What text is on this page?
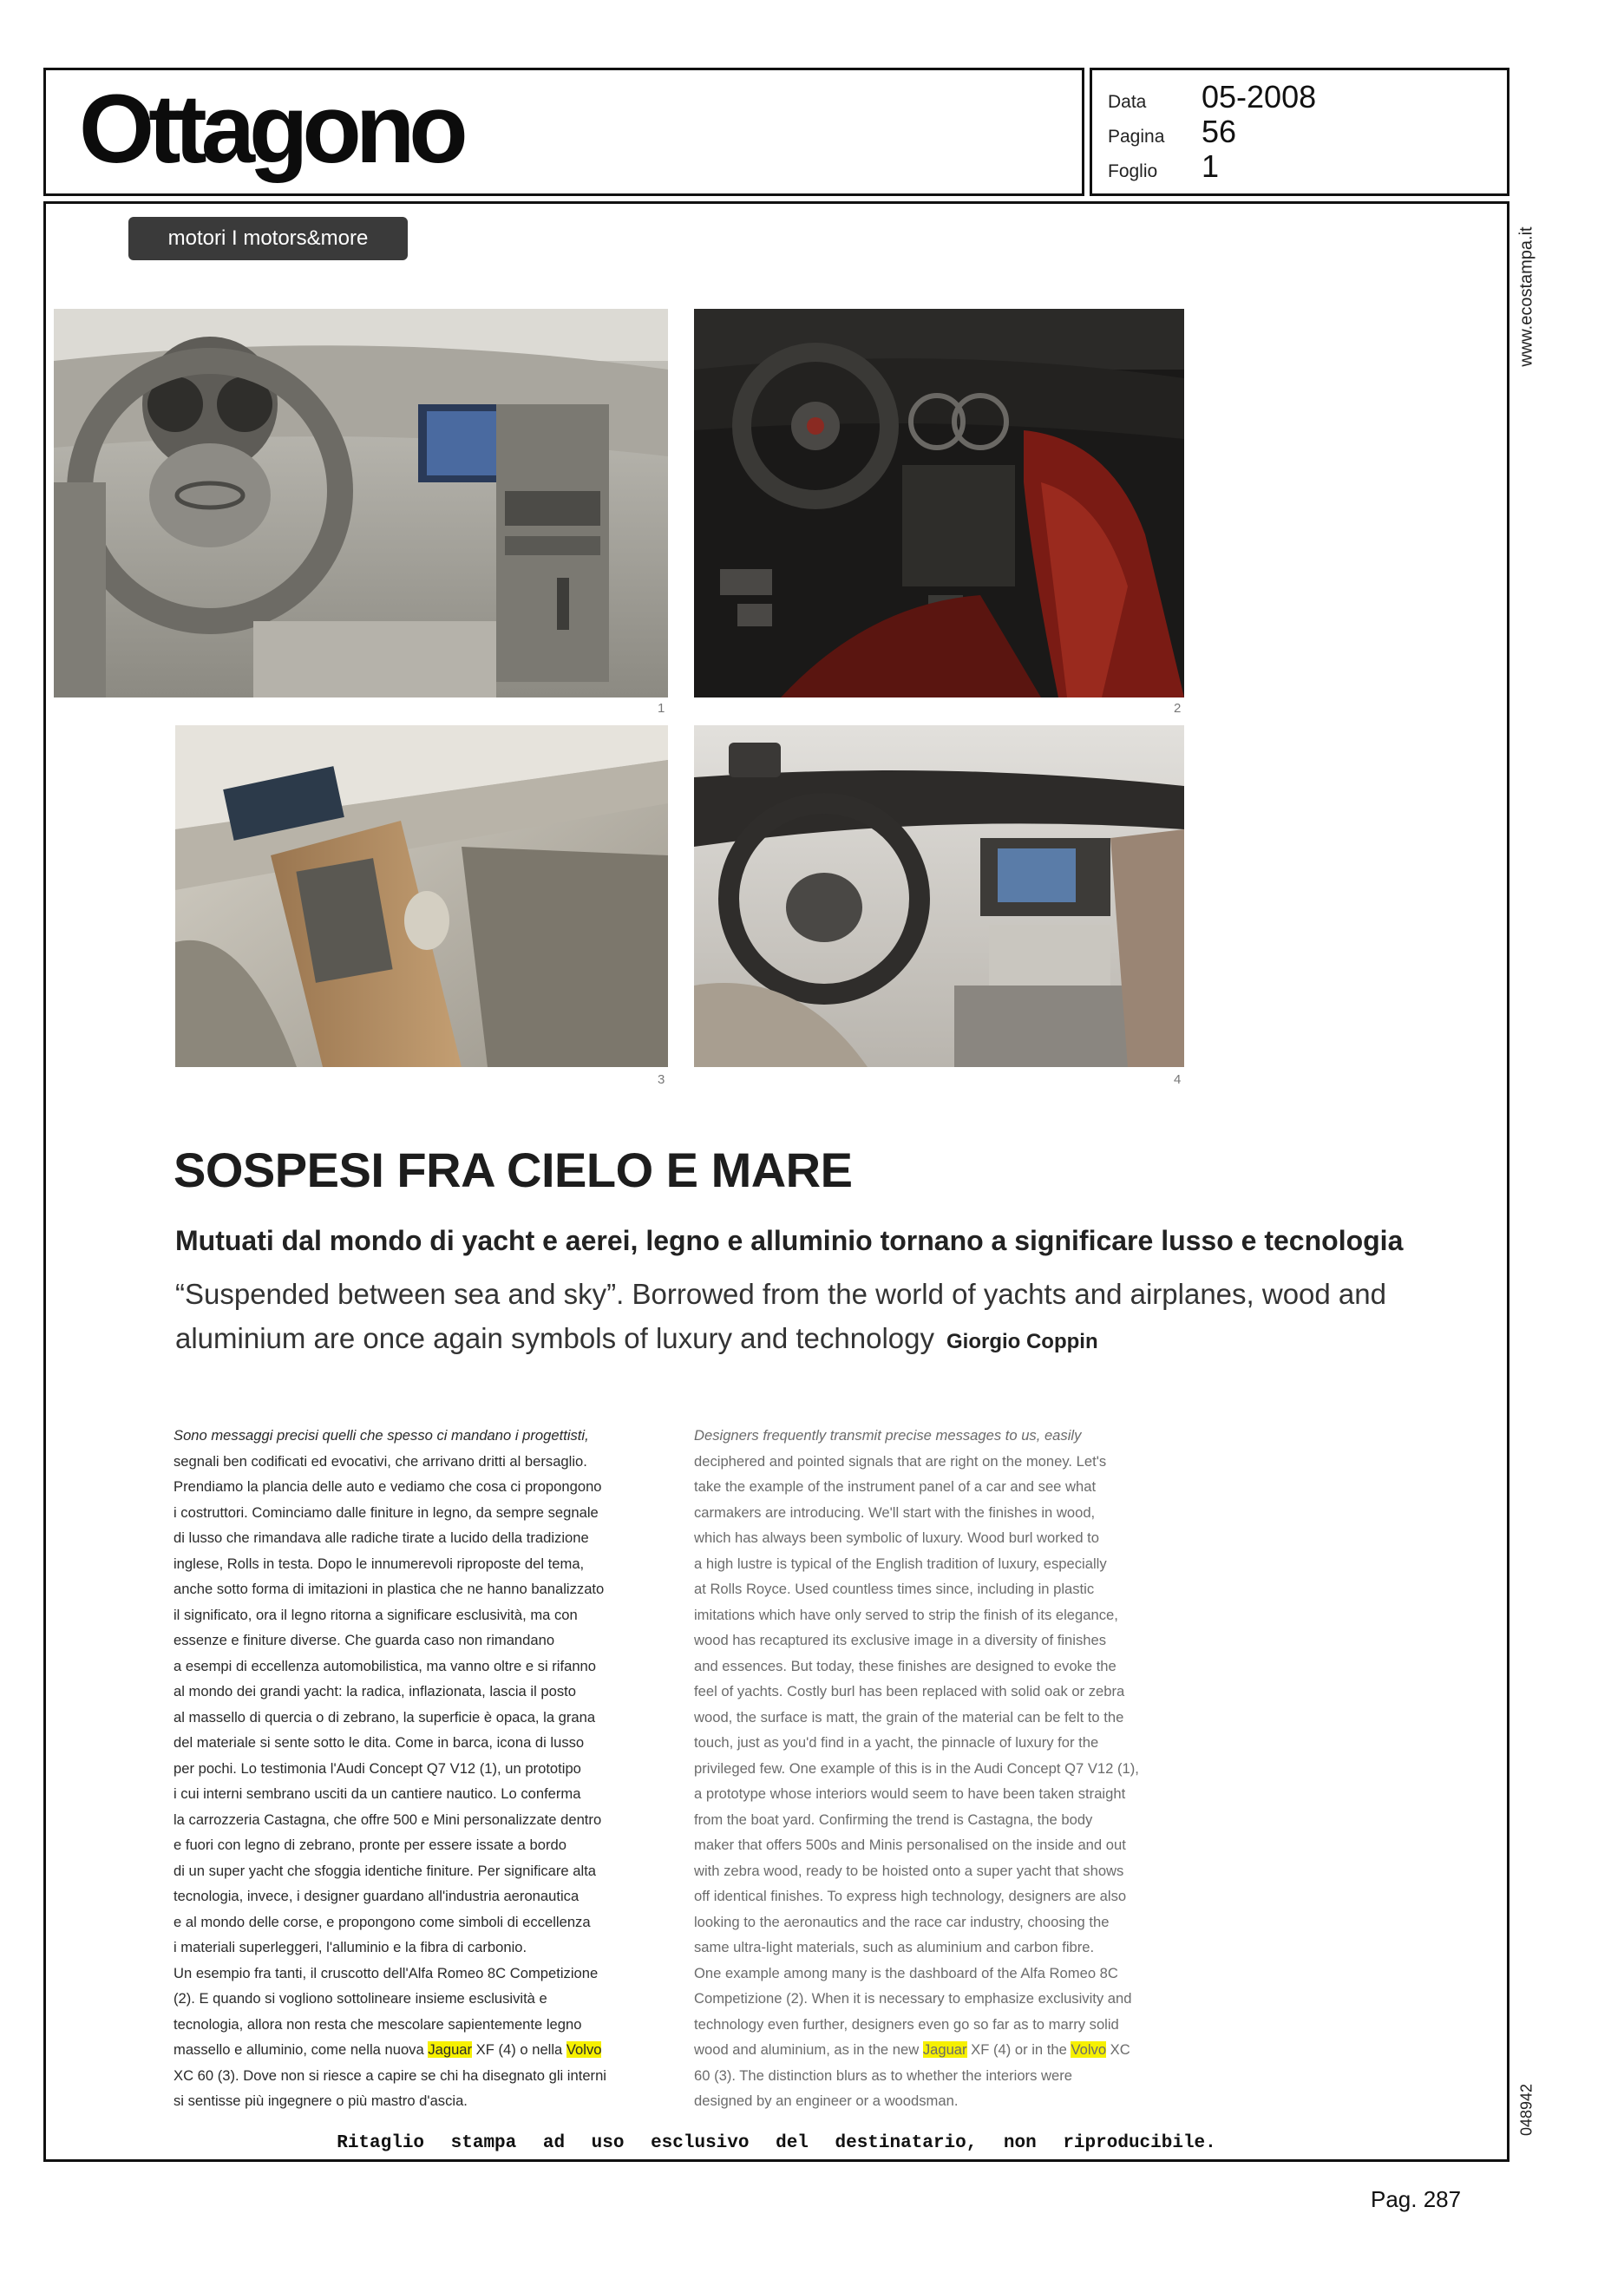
Ottagono	Data	05-2008
Pagina	56
Foglio	1
motori I motors&more	www.ecostampa.it
048942
1	2
3	4
SOSPESI FRA CIELO E MARE
Mutuati dal mondo di yacht e aerei, legno e alluminio tornano a significare lusso e tecnologia
“Suspended between sea and sky”. Borrowed from the world of yachts and airplanes, wood and aluminium are once again symbols of luxury and technology Giorgio Coppin
Sono messaggi precisi quelli che spesso ci mandano i progettisti,
segnali ben codificati ed evocativi, che arrivano dritti al bersaglio.
Prendiamo la plancia delle auto e vediamo che cosa ci propongono
i costruttori. Cominciamo dalle finiture in legno, da sempre segnale
di lusso che rimandava alle radiche tirate a lucido della tradizione
inglese, Rolls in testa. Dopo le innumerevoli riproposte del tema,
anche sotto forma di imitazioni in plastica che ne hanno banalizzato
il significato, ora il legno ritorna a significare esclusività, ma con
essenze e finiture diverse. Che guarda caso non rimandano
a esempi di eccellenza automobilistica, ma vanno oltre e si rifanno
al mondo dei grandi yacht: la radica, inflazionata, lascia il posto
al massello di quercia o di zebrano, la superficie è opaca, la grana
del materiale si sente sotto le dita. Come in barca, icona di lusso
per pochi. Lo testimonia l'Audi Concept Q7 V12 (1), un prototipo
i cui interni sembrano usciti da un cantiere nautico. Lo conferma
la carrozzeria Castagna, che offre 500 e Mini personalizzate dentro
e fuori con legno di zebrano, pronte per essere issate a bordo
di un super yacht che sfoggia identiche finiture. Per significare alta
tecnologia, invece, i designer guardano all'industria aeronautica
e al mondo delle corse, e propongono come simboli di eccellenza
i materiali superleggeri, l'alluminio e la fibra di carbonio.
Un esempio fra tanti, il cruscotto dell'Alfa Romeo 8C Competizione
(2). E quando si vogliono sottolineare insieme esclusività e
tecnologia, allora non resta che mescolare sapientemente legno
massello e alluminio, come nella nuova Jaguar XF (4) o nella Volvo
XC 60 (3). Dove non si riesce a capire se chi ha disegnato gli interni
si sentisse più ingegnere o più mastro d'ascia.
Designers frequently transmit precise messages to us, easily
deciphered and pointed signals that are right on the money. Let's
take the example of the instrument panel of a car and see what
carmakers are introducing. We'll start with the finishes in wood,
which has always been symbolic of luxury. Wood burl worked to
a high lustre is typical of the English tradition of luxury, especially
at Rolls Royce. Used countless times since, including in plastic
imitations which have only served to strip the finish of its elegance,
wood has recaptured its exclusive image in a diversity of finishes
and essences. But today, these finishes are designed to evoke the
feel of yachts. Costly burl has been replaced with solid oak or zebra
wood, the surface is matt, the grain of the material can be felt to the
touch, just as you'd find in a yacht, the pinnacle of luxury for the
privileged few. One example of this is in the Audi Concept Q7 V12 (1),
a prototype whose interiors would seem to have been taken straight
from the boat yard. Confirming the trend is Castagna, the body
maker that offers 500s and Minis personalised on the inside and out
with zebra wood, ready to be hoisted onto a super yacht that shows
off identical finishes. To express high technology, designers are also
looking to the aeronautics and the race car industry, choosing the
same ultra-light materials, such as aluminium and carbon fibre.
One example among many is the dashboard of the Alfa Romeo 8C
Competizione (2). When it is necessary to emphasize exclusivity and
technology even further, designers even go so far as to marry solid
wood and aluminium, as in the new Jaguar XF (4) or in the Volvo XC
60 (3). The distinction blurs as to whether the interiors were
designed by an engineer or a woodsman.
Ritaglio stampa ad uso esclusivo del destinatario, non riproducibile.
Pag. 287
